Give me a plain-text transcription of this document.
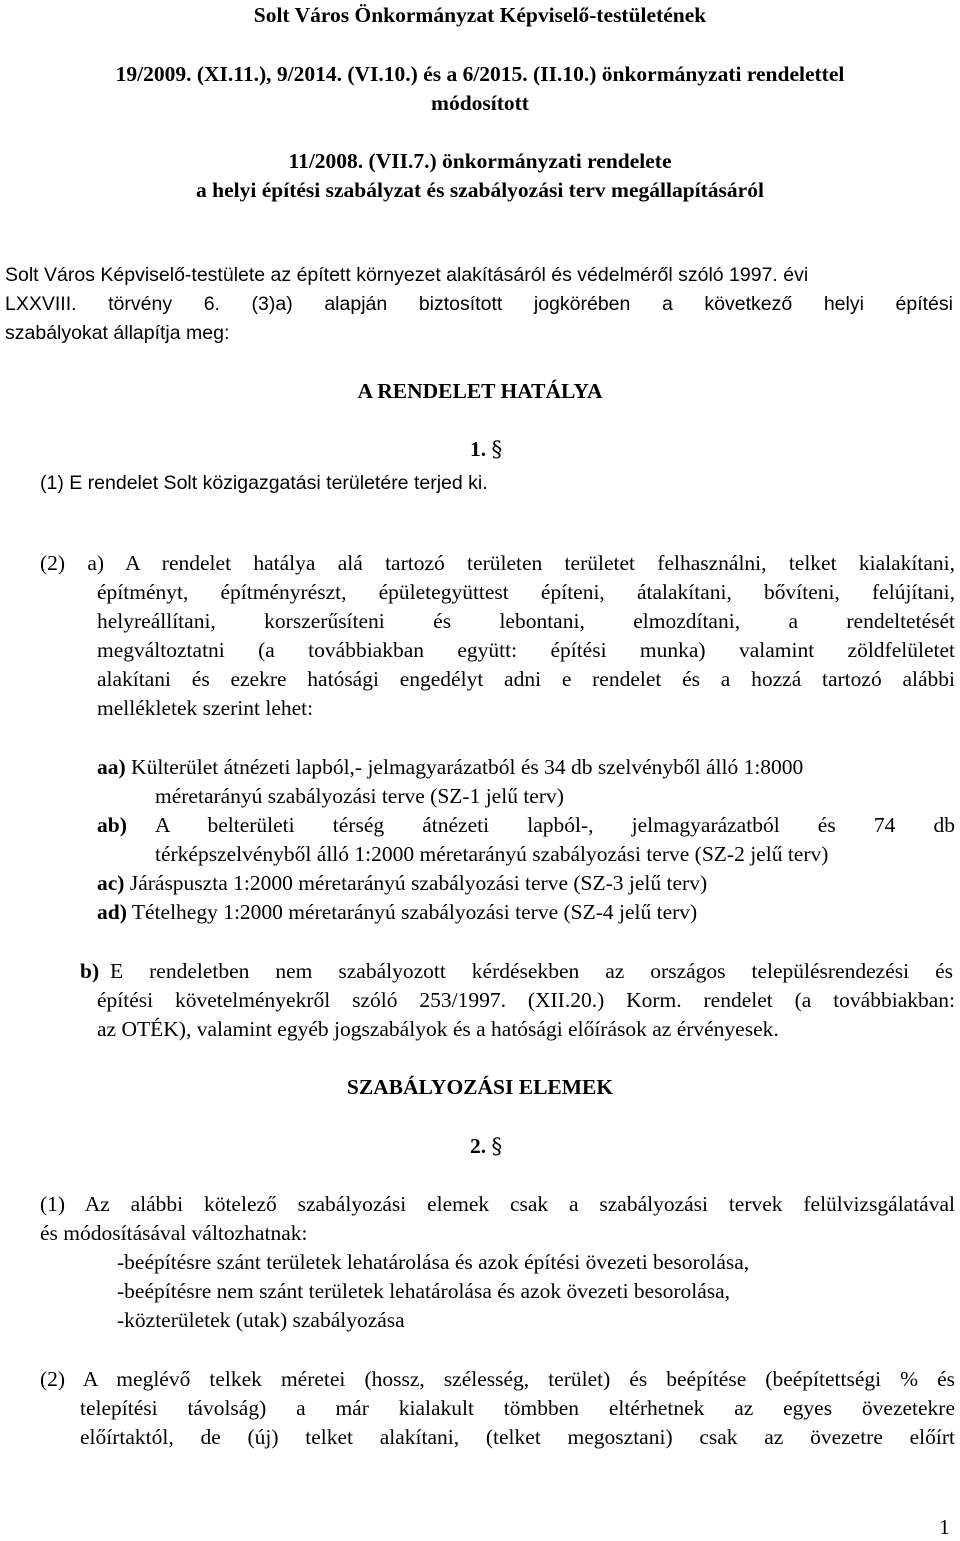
Solt Város Önkormányzat Képviselő-testületének
19/2009. (XI.11.), 9/2014. (VI.10.) és a 6/2015. (II.10.) önkormányzati rendelettel
módosított
11/2008. (VII.7.) önkormányzati rendelete
a helyi építési szabályzat és szabályozási terv megállapításáról
Solt Város Képviselő-testülete az épített környezet alakításáról és védelméről szóló 1997. évi
LXXVIII. törvény 6. (3)a) alapján biztosított jogkörében a következő helyi építési
szabályokat állapítja meg:
A RENDELET HATÁLYA
1. §
(1) E rendelet Solt közigazgatási területére terjed ki.
(2) a) A rendelet hatálya alá tartozó területen területet felhasználni, telket kialakítani,
építményt, építményrészt, épületegyüttest építeni, átalakítani, bővíteni, felújítani,
helyreállítani, korszerűsíteni és lebontani, elmozdítani, a rendeltetését
megváltoztatni (a továbbiakban együtt: építési munka) valamint zöldfelületet
alakítani és ezekre hatósági engedélyt adni e rendelet és a hozzá tartozó alábbi
mellékletek szerint lehet:
aa) Külterület átnézeti lapból,- jelmagyarázatból és 34 db szelvényből álló 1:8000
méretarányú szabályozási terve (SZ-1 jelű terv)
ab) A belterületi térség átnézeti lapból-, jelmagyarázatból és 74 db
térképszelvényből álló 1:2000 méretarányú szabályozási terve (SZ-2 jelű terv)
ac) Járáspuszta 1:2000 méretarányú szabályozási terve (SZ-3 jelű terv)
ad) Tételhegy 1:2000 méretarányú szabályozási terve (SZ-4 jelű terv)
b) E rendeletben nem szabályozott kérdésekben az országos településrendezési és
építési követelményekről szóló 253/1997. (XII.20.) Korm. rendelet (a továbbiakban:
az OTÉK), valamint egyéb jogszabályok és a hatósági előírások az érvényesek.
SZABÁLYOZÁSI ELEMEK
2. §
(1) Az alábbi kötelező szabályozási elemek csak a szabályozási tervek felülvizsgálatával
és módosításával változhatnak:
-beépítésre szánt területek lehatárolása és azok építési övezeti besorolása,
-beépítésre nem szánt területek lehatárolása és azok övezeti besorolása,
-közterületek (utak) szabályozása
(2) A meglévő telkek méretei (hossz, szélesség, terület) és beépítése (beépítettségi % és
telepítési távolság) a már kialakult tömbben eltérhetnek az egyes övezetekre
előírtaktól, de (új) telket alakítani, (telket megosztani) csak az övezetre előírt
1
